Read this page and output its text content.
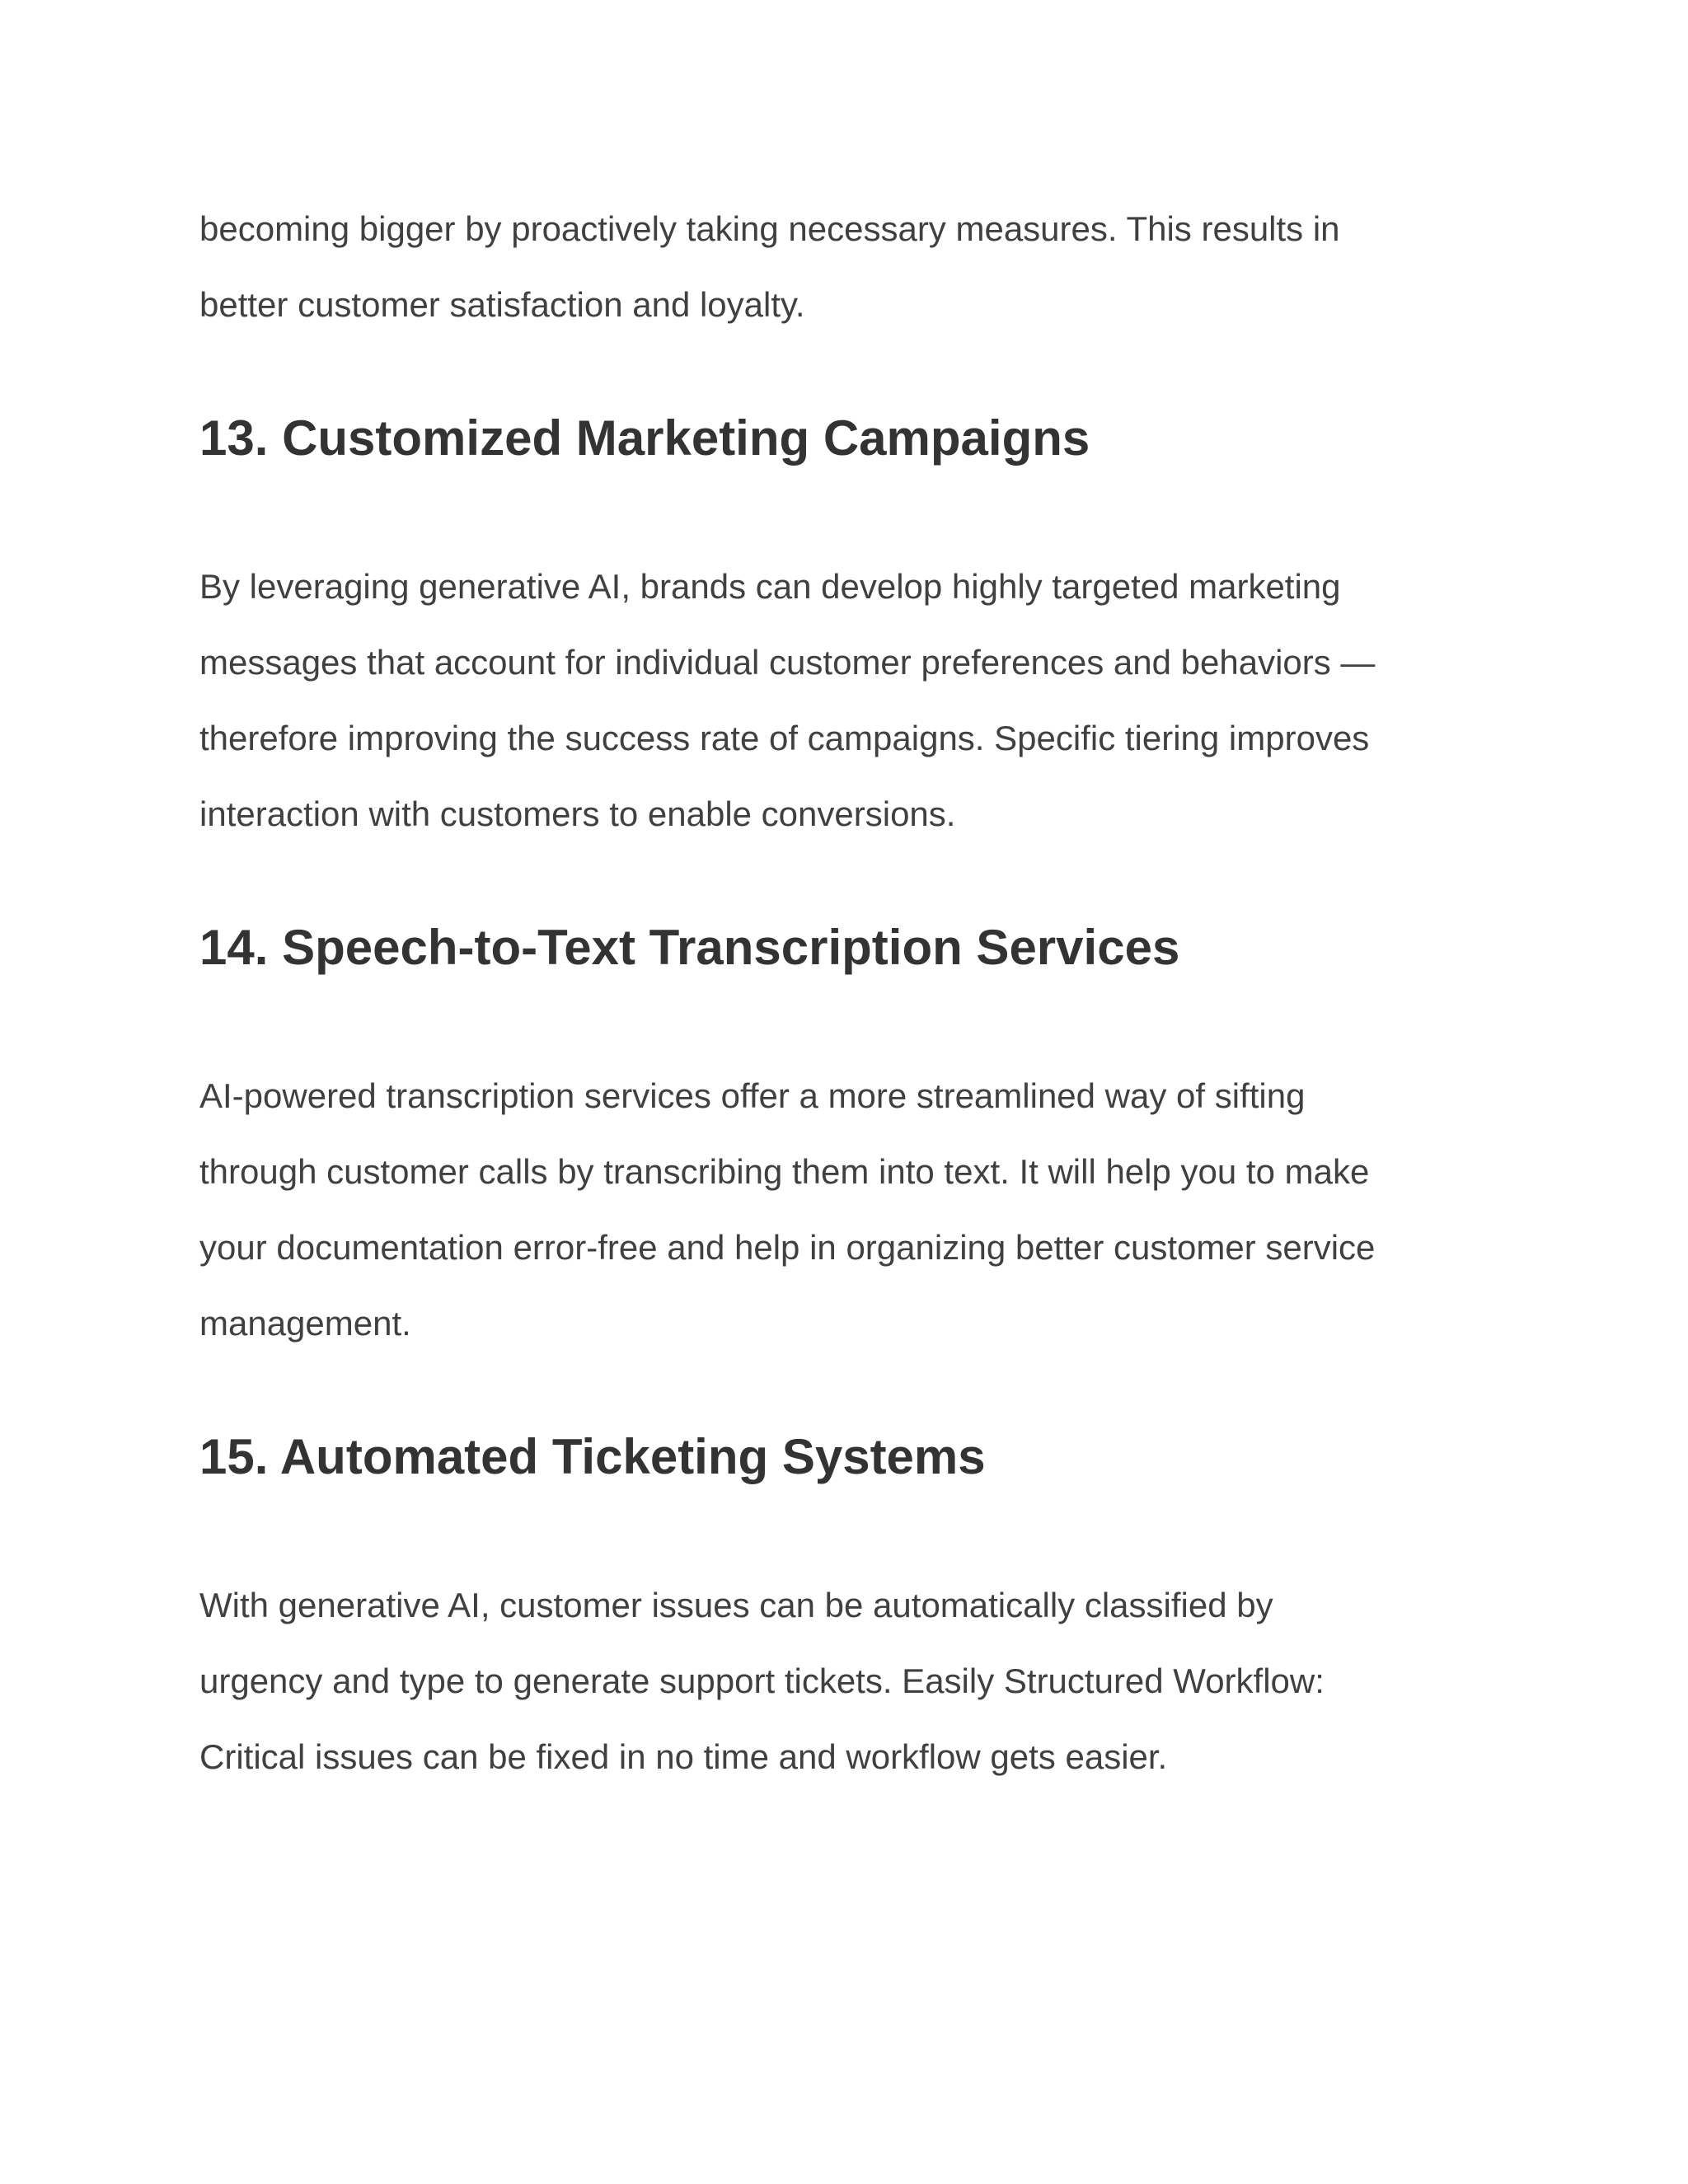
becoming bigger by proactively taking necessary measures. This results in
better customer satisfaction and loyalty.

13. Customized Marketing Campaigns

By leveraging generative AI, brands can develop highly targeted marketing
messages that account for individual customer preferences and behaviors —
therefore improving the success rate of campaigns. Specific tiering improves
interaction with customers to enable conversions.

14. Speech-to-Text Transcription Services

AI-powered transcription services offer a more streamlined way of sifting
through customer calls by transcribing them into text. It will help you to make
your documentation error-free and help in organizing better customer service
management.

15. Automated Ticketing Systems

With generative AI, customer issues can be automatically classified by
urgency and type to generate support tickets. Easily Structured Workflow:
Critical issues can be fixed in no time and workflow gets easier.
